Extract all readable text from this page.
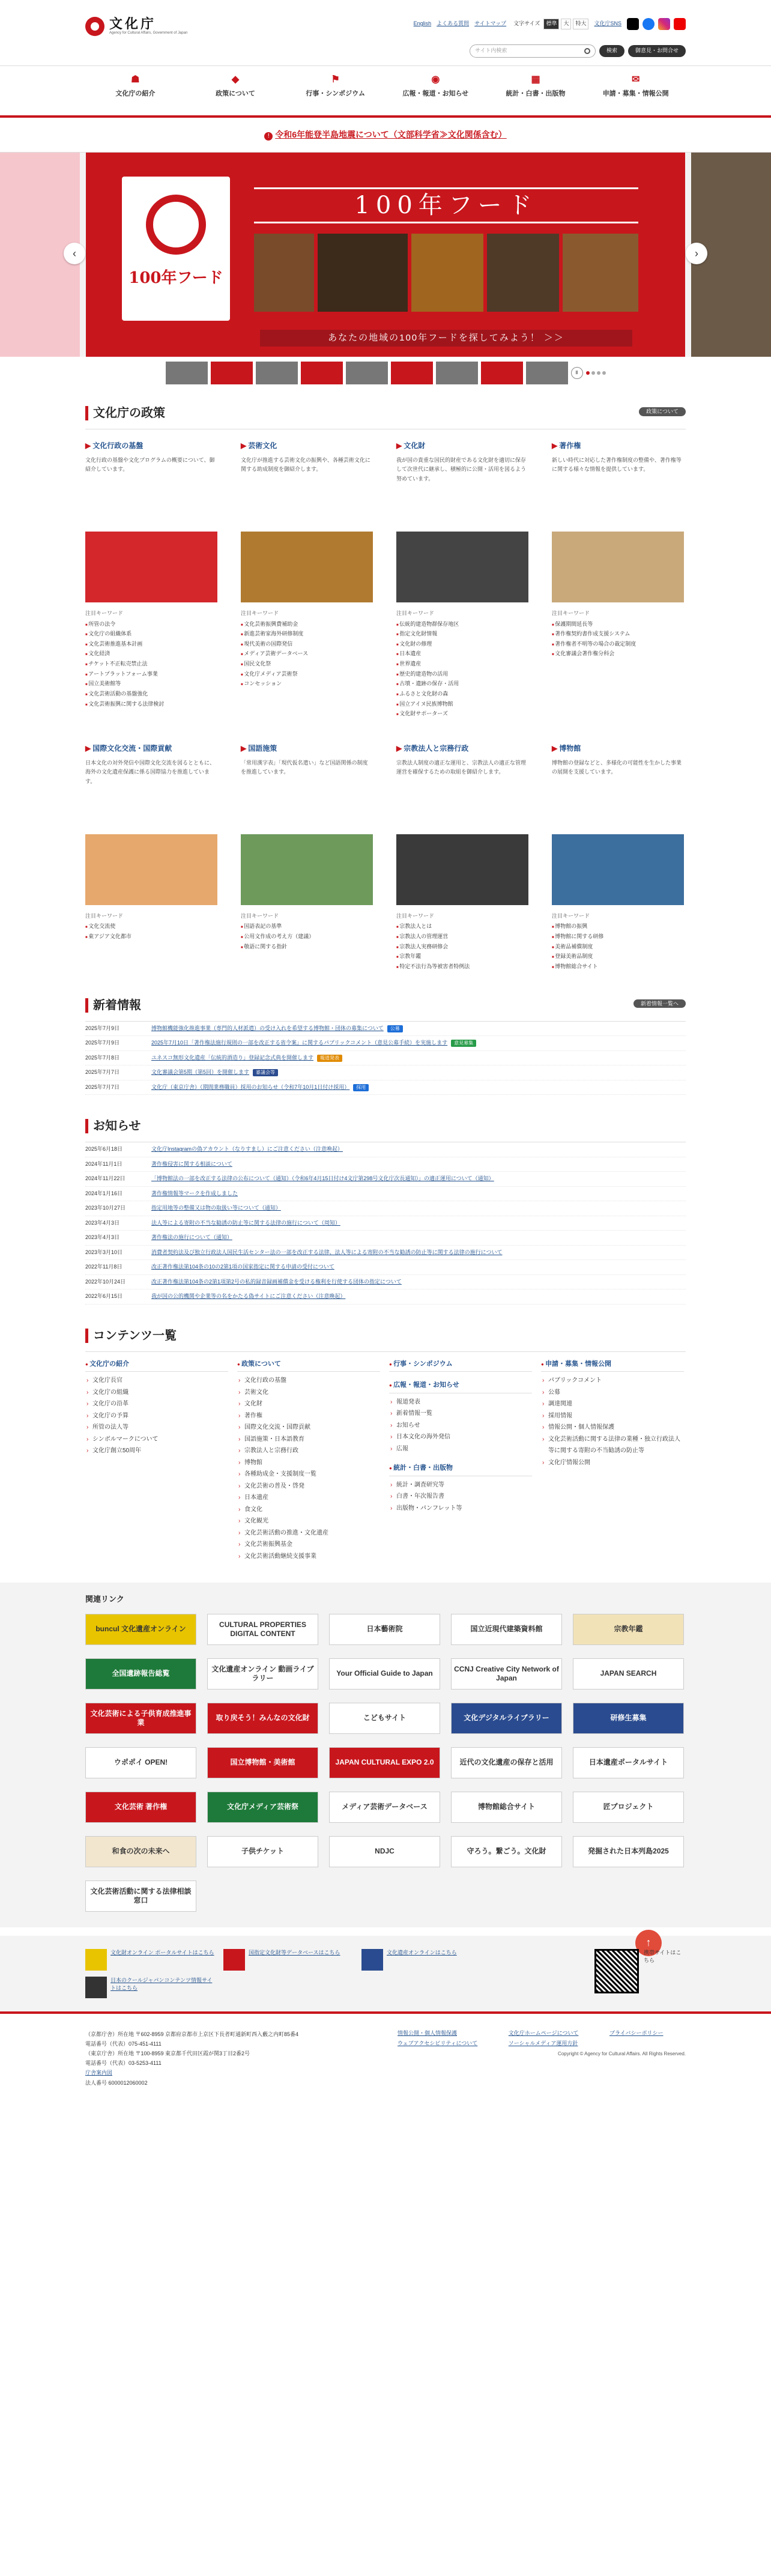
文化庁
Agency for Cultural Affairs, Government of Japan
English よくある質問 サイトマップ	文字サイズ	標準	大	特大	文化庁SNS
サイト内検索	検索	御意見・お問合せ
☗
文化庁の紹介
◆
政策について
⚑
行事・シンポジウム
◉
広報・報道・お知らせ
▦
統計・白書・出版物
✉
申請・募集・情報公開
! 令和6年能登半島地震について（文部科学省≫文化関係含む）
100年フード
100年フード
あなたの地域の100年フードを探してみよう！ ＞＞
‹	›
Ⅱ
文化庁の政策	政策について
▶ 文化行政の基盤

文化行政の基盤や文化プログラムの概要について、御紹介しています。

注目キーワード
■ 所管の法令
■ 文化庁の組織体系
■ 文化芸術推進基本計画
■ 文化経済
■ チケット不正転売禁止法
■ アートプラットフォーム事業
■ 国立美術館等
■ 文化芸術活動の基盤強化
■ 文化芸術振興に関する法律検討
▶ 芸術文化

文化庁が推進する芸術文化の振興や、各種芸術文化に関する助成制度を御紹介します。

注目キーワード
■ 文化芸術振興費補助金
■ 新進芸術家海外研修制度
■ 現代美術の国際発信
■ メディア芸術データベース
■ 国民文化祭
■ 文化庁メディア芸術祭
■ コンセッション
▶ 文化財

我が国の貴重な国民的財産である文化財を適切に保存して次世代に継承し、積極的に公開・活用を図るよう努めています。

注目キーワード
■ 伝統的建造物群保存地区
■ 指定文化財情報
■ 文化財の修理
■ 日本遺産
■ 世界遺産
■ 歴史的建造物の活用
■ 古墳・遺跡の保存・活用
■ ふるさと文化財の森
■ 国立アイヌ民族博物館
■ 文化財サポーターズ
▶ 著作権

新しい時代に対応した著作権制度の整備や、著作権等に関する様々な情報を提供しています。

注目キーワード
■ 保護期間延長等
■ 著作権契約書作成支援システム
■ 著作権者不明等の場合の裁定制度
■ 文化審議会著作権分科会
▶ 国際文化交流・国際貢献

日本文化の対外発信や国際文化交流を図るとともに、海外の文化遺産保護に係る国際協力を推進しています。

注目キーワード
■ 文化交流使
■ 東アジア文化都市
▶ 国語施策

「常用漢字表」「現代仮名遣い」など国語関係の制度を推進しています。

注目キーワード
■ 国語表記の基準
■ 公用文作成の考え方（建議）
■ 敬語に関する指針
▶ 宗教法人と宗務行政

宗教法人制度の適正な運用と、宗教法人の適正な管理運営を確保するための取組を御紹介します。

注目キーワード
■ 宗教法人とは
■ 宗教法人の管理運営
■ 宗教法人実務研修会
■ 宗教年鑑
■ 特定不法行為等被害者特例法
▶ 博物館

博物館の登録などと、多様化の可能性を生かした事業の展開を支援しています。

注目キーワード
■ 博物館の振興
■ 博物館に関する研修
■ 美術品補償制度
■ 登録美術品制度
■ 博物館総合サイト
新着情報	新着情報一覧へ
2025年7月9日	博物館機能強化推進事業（専門的人材派遣）の受け入れを希望する博物館・団体の募集について 公募
2025年7月9日	2025年7月10日「著作権法施行規則の一部を改正する省令案」に関するパブリックコメント（意見公募手続）を実施します 意見募集
2025年7月8日	ユネスコ無形文化遺産「伝統的酒造り」登録記念式典を開催します 報道発表
2025年7月7日	文化審議会第5期（第5回）を開催します 審議会等
2025年7月7日	文化庁（東京庁舎）（期間業務職員）採用のお知らせ（令和7年10月1日付け採用） 採用
お知らせ
2025年6月18日	文化庁Instagramの偽アカウント（なりすまし）にご注意ください（注意喚起）
2024年11月1日	著作権侵害に関する相談について
2024年11月22日	「博物館法の一部を改正する法律の公布について（通知）（令和6年4月15日付け4文庁第298号文化庁次長通知）」の適正運用について（通知）
2024年1月16日	著作権情報等マークを作成しました
2023年10月27日	指定用地等の整備又は物の取扱い等について（通知）
2023年4月3日	法人等による寄附の不当な勧誘の防止等に関する法律の施行について（周知）
2023年4月3日	著作権法の施行について（通知）
2023年3月10日	消費者契約法及び独立行政法人国民生活センター法の一部を改正する法律、法人等による寄附の不当な勧誘の防止等に関する法律の施行について
2022年11月8日	改正著作権法第104条の10の2第1項の国家指定に関する申請の受付について
2022年10月24日	改正著作権法第104条の2第1項第2号の私的録音録画補償金を受ける権利を行使する団体の指定について
2022年6月15日	我が国の公的機関や企業等の名をかたる偽サイトにご注意ください（注意喚起）
コンテンツ一覧
● 文化庁の紹介
› 文化庁長官
› 文化庁の組織
› 文化庁の沿革
› 文化庁の予算
› 所管の法人等
› シンボルマークについて
› 文化庁創立50周年
● 政策について
› 文化行政の基盤
› 芸術文化
› 文化財
› 著作権
› 国際文化交流・国際貢献
› 国語施策・日本語教育
› 宗教法人と宗務行政
› 博物館
› 各種助成金・支援制度一覧
› 文化芸術の普及・啓発
› 日本遺産
› 食文化
› 文化観光
› 文化芸術活動の推進・文化遺産
› 文化芸術振興基金
› 文化芸術活動継続支援事業
● 行事・シンポジウム
● 広報・報道・お知らせ
› 報道発表
› 新着情報一覧
› お知らせ
› 日本文化の海外発信
› 広報
● 統計・白書・出版物
› 統計・調査研究等
› 白書・年次報告書
› 出版物・パンフレット等
● 申請・募集・情報公開
› パブリックコメント
› 公募
› 調達関連
› 採用情報
› 情報公開・個人情報保護
› 文化芸術活動に関する法律の業種・独立行政法人等に関する寄附の不当勧誘の防止等
› 文化庁情報公開
関連リンク
buncul 文化遺産オンライン
CULTURAL PROPERTIES DIGITAL CONTENT
日本藝術院	国立近現代建築資料館	宗教年鑑
全国遺跡報告総覧
文化遺産オンライン 動画ライブラリー
Your Official Guide to Japan
CCNJ Creative City Network of Japan
JAPAN SEARCH
文化芸術による子供育成推進事業
取り戻そう！みんなの文化財	こどもサイト	文化デジタルライブラリー	研修生募集
ウポポイ OPEN!	国立博物館・美術館	JAPAN CULTURAL EXPO 2.0	近代の文化遺産の保存と活用	日本遺産ポータルサイト
文化芸術 著作権	文化庁メディア芸術祭	メディア芸術データベース	博物館総合サイト	匠プロジェクト
和食の次の未来へ	子供チケット	NDJC	守ろう。繋ごう。文化財	発掘された日本列島2025
文化芸術活動に関する法律相談窓口
↑
文化財オンライン ポータルサイトはこちら	国指定文化財等データベースはこちら	文化遺産オンラインはこちら
日本のクールジャパンコンテンツ情報サイトはこちら
携帯サイトはこちら
（京都庁舎）所在地 〒602-8959 京都府京都市上京区下長者町通新町西入藪之内町85番4
電話番号（代表）075-451-4111
（東京庁舎）所在地 〒100-8959 東京都千代田区霞が関3丁目2番2号
電話番号（代表）03-5253-4111
庁舎案内図
法人番号 6000012060002
情報公開・個人情報保護	文化庁ホームページについて	プライバシーポリシー
ウェブアクセシビリティについて	ソーシャルメディア運用方針
Copyright © Agency for Cultural Affairs. All Rights Reserved.
